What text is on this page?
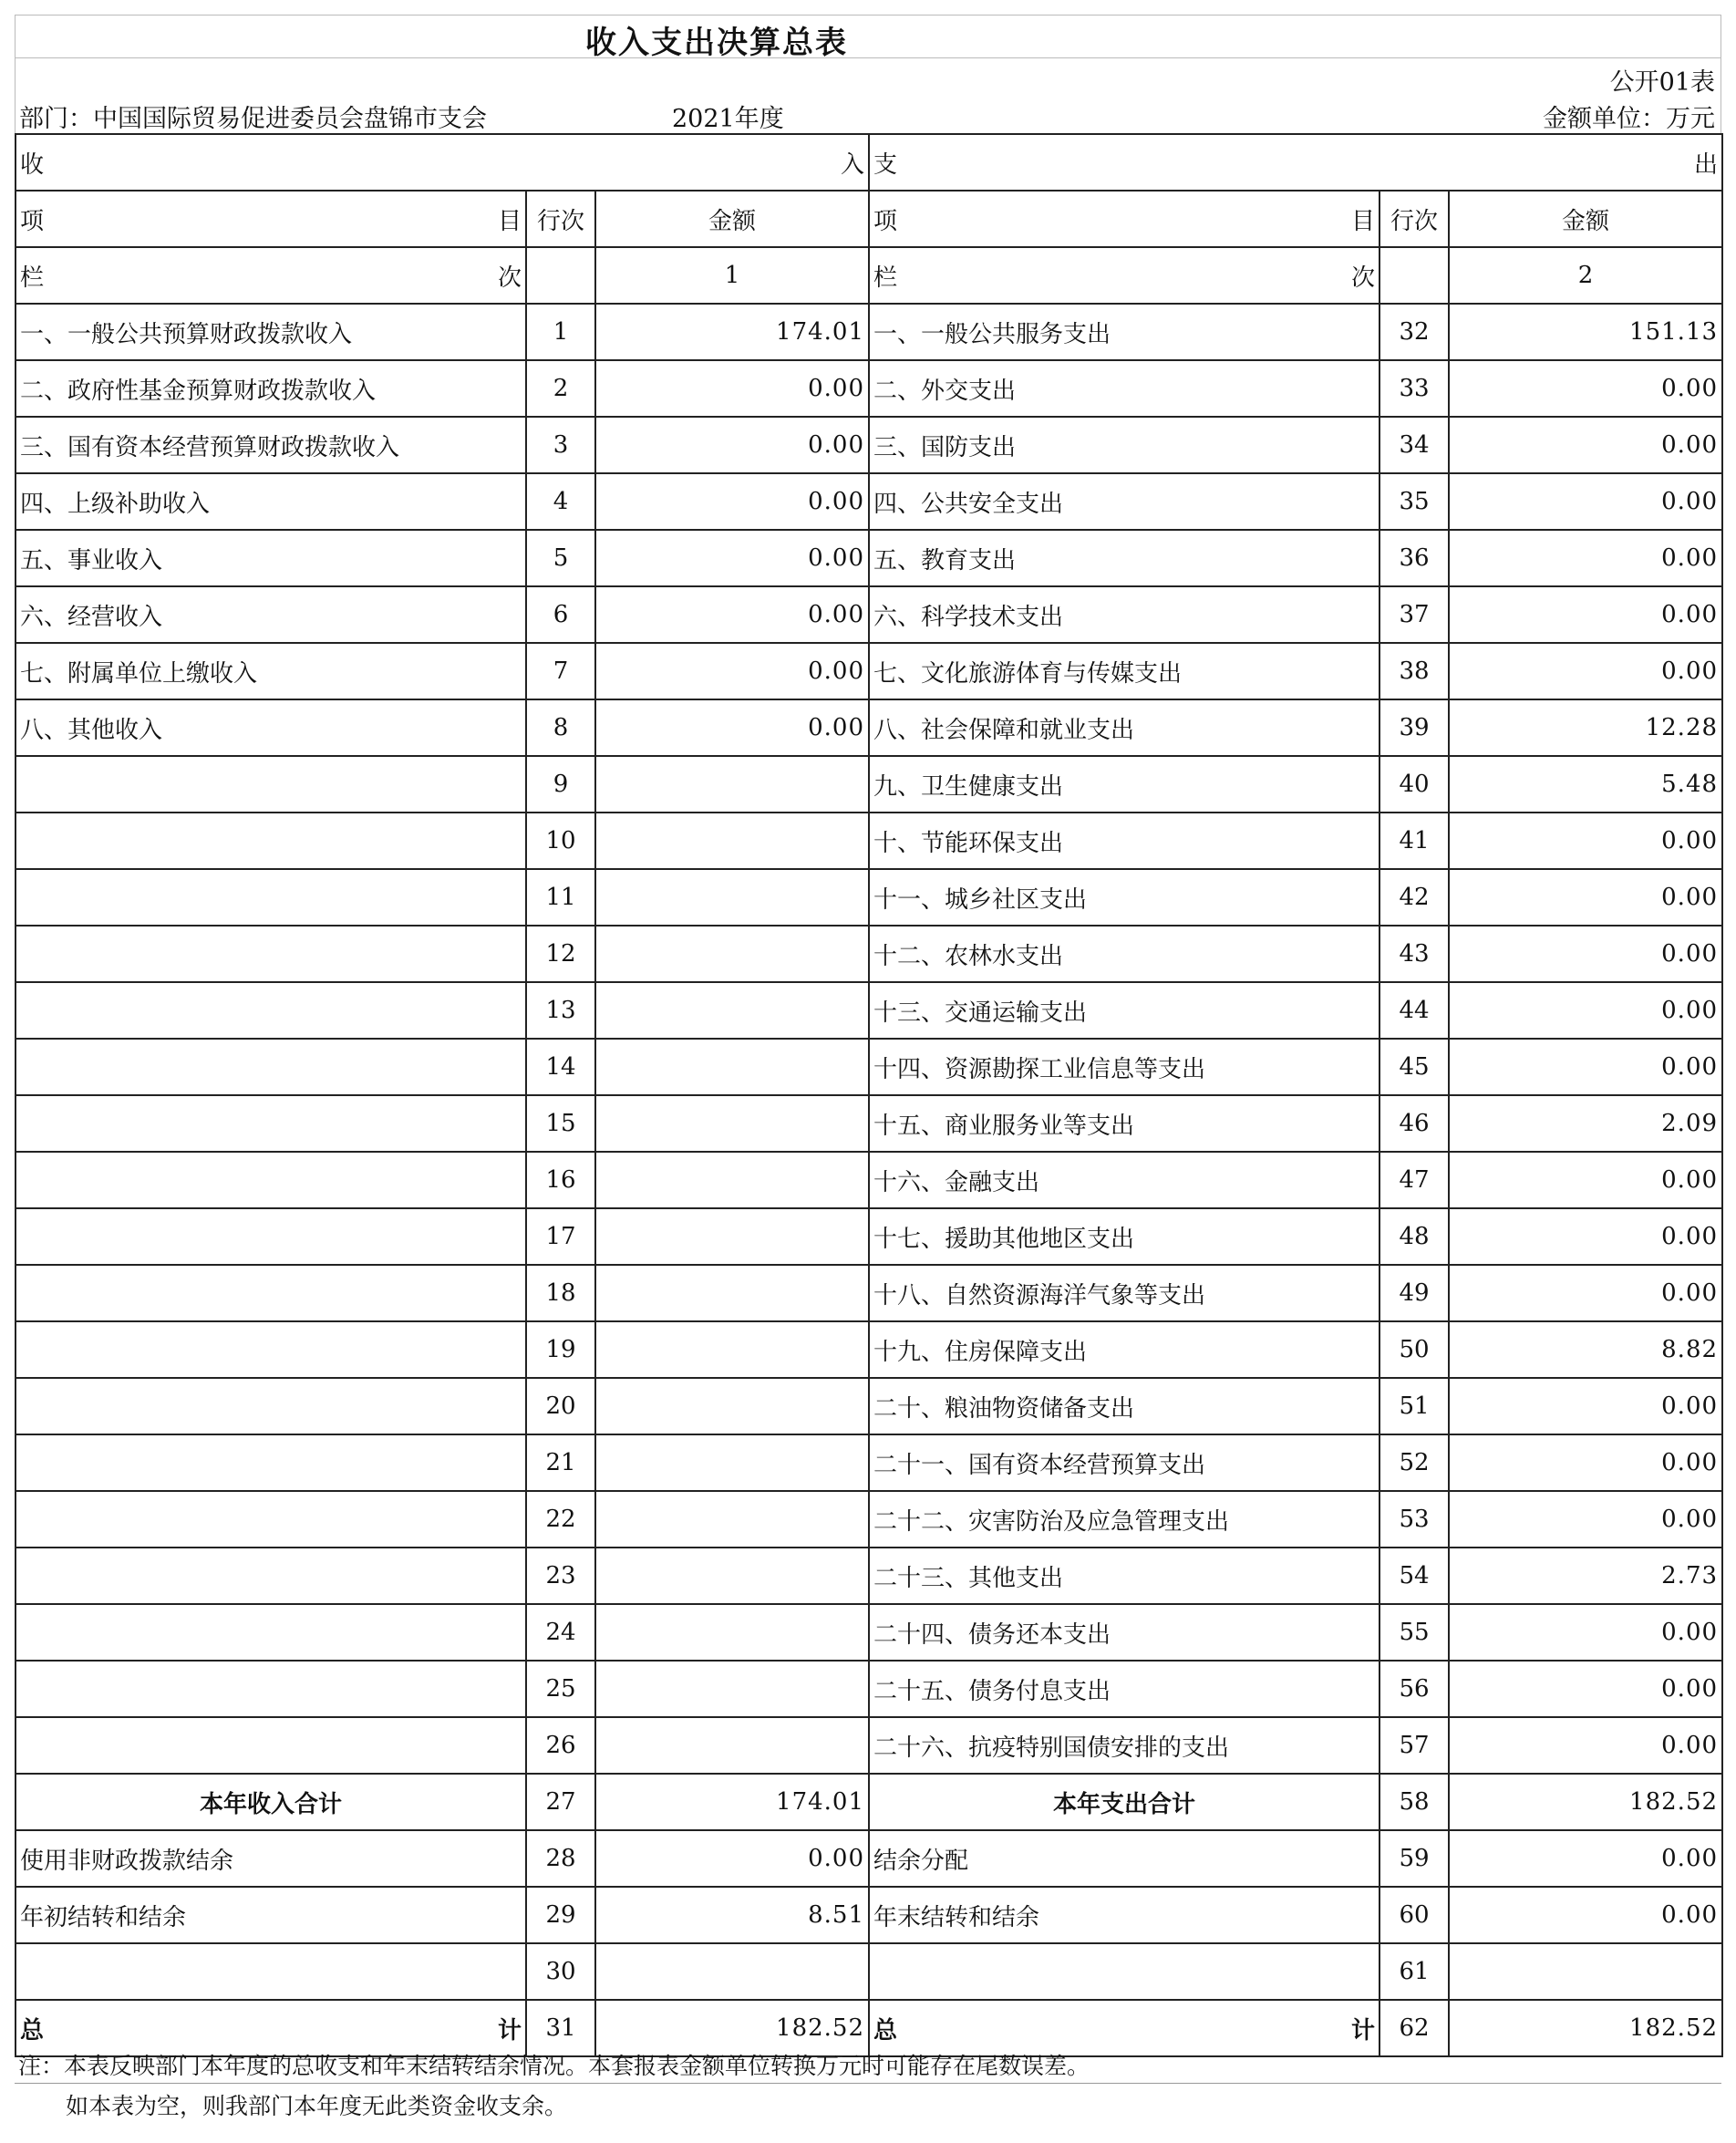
收入支出决算总表
公开01表
部门：中国国际贸易促进委员会盘锦市支会	2021年度	金额单位：万元
收 入			支 出		

项 目	行次	金额	项 目	行次	金额

栏 次		1	栏 次		2
一、一般公共预算财政拨款收入	1	174.01	一、一般公共服务支出	32	151.13
二、政府性基金预算财政拨款收入	2	0.00	二、外交支出	33	0.00
三、国有资本经营预算财政拨款收入	3	0.00	三、国防支出	34	0.00
四、上级补助收入	4	0.00	四、公共安全支出	35	0.00
五、事业收入	5	0.00	五、教育支出	36	0.00
六、经营收入	6	0.00	六、科学技术支出	37	0.00
七、附属单位上缴收入	7	0.00	七、文化旅游体育与传媒支出	38	0.00
八、其他收入	8	0.00	八、社会保障和就业支出	39	12.28
	9		九、卫生健康支出	40	5.48
	10		十、节能环保支出	41	0.00
	11		十一、城乡社区支出	42	0.00
	12		十二、农林水支出	43	0.00
	13		十三、交通运输支出	44	0.00
	14		十四、资源勘探工业信息等支出	45	0.00
	15		十五、商业服务业等支出	46	2.09
	16		十六、金融支出	47	0.00
	17		十七、援助其他地区支出	48	0.00
	18		十八、自然资源海洋气象等支出	49	0.00
	19		十九、住房保障支出	50	8.82
	20		二十、粮油物资储备支出	51	0.00
	21		二十一、国有资本经营预算支出	52	0.00
	22		二十二、灾害防治及应急管理支出	53	0.00
	23		二十三、其他支出	54	2.73
	24		二十四、债务还本支出	55	0.00
	25		二十五、债务付息支出	56	0.00
	26		二十六、抗疫特别国债安排的支出	57	0.00
本年收入合计	27	174.01	本年支出合计	58	182.52
使用非财政拨款结余	28	0.00	结余分配	59	0.00
年初结转和结余	29	8.51	年末结转和结余	60	0.00
	30			61	

总 计	31	182.52	总 计	62	182.52
注：本表反映部门本年度的总收支和年末结转结余情况。本套报表金额单位转换万元时可能存在尾数误差。
如本表为空，则我部门本年度无此类资金收支余。
